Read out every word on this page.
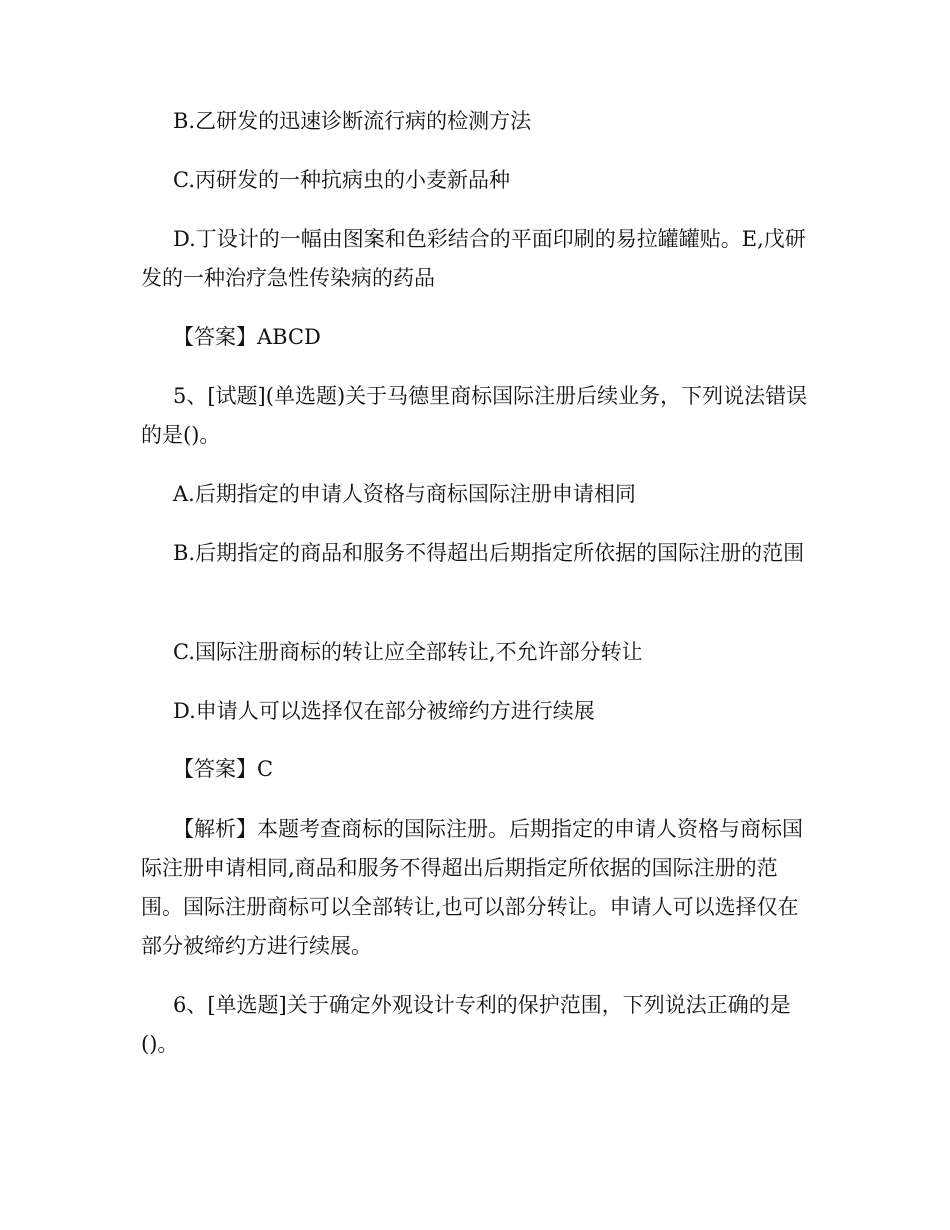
B.乙研发的迅速诊断流行病的检测方法

C.丙研发的一种抗病虫的小麦新品种

D.丁设计的一幅由图案和色彩结合的平面印刷的易拉罐罐贴。E,戊研发的一种治疗急性传染病的药品

【答案】ABCD

5、[试题](单选题)关于马德里商标国际注册后续业务，下列说法错误的是()。

A.后期指定的申请人资格与商标国际注册申请相同

B.后期指定的商品和服务不得超出后期指定所依据的国际注册的范围

C.国际注册商标的转让应全部转让,不允许部分转让

D.申请人可以选择仅在部分被缔约方进行续展

【答案】C

【解析】本题考查商标的国际注册。后期指定的申请人资格与商标国际注册申请相同,商品和服务不得超出后期指定所依据的国际注册的范围。国际注册商标可以全部转让,也可以部分转让。申请人可以选择仅在部分被缔约方进行续展。

6、[单选题]关于确定外观设计专利的保护范围，下列说法正确的是()。
